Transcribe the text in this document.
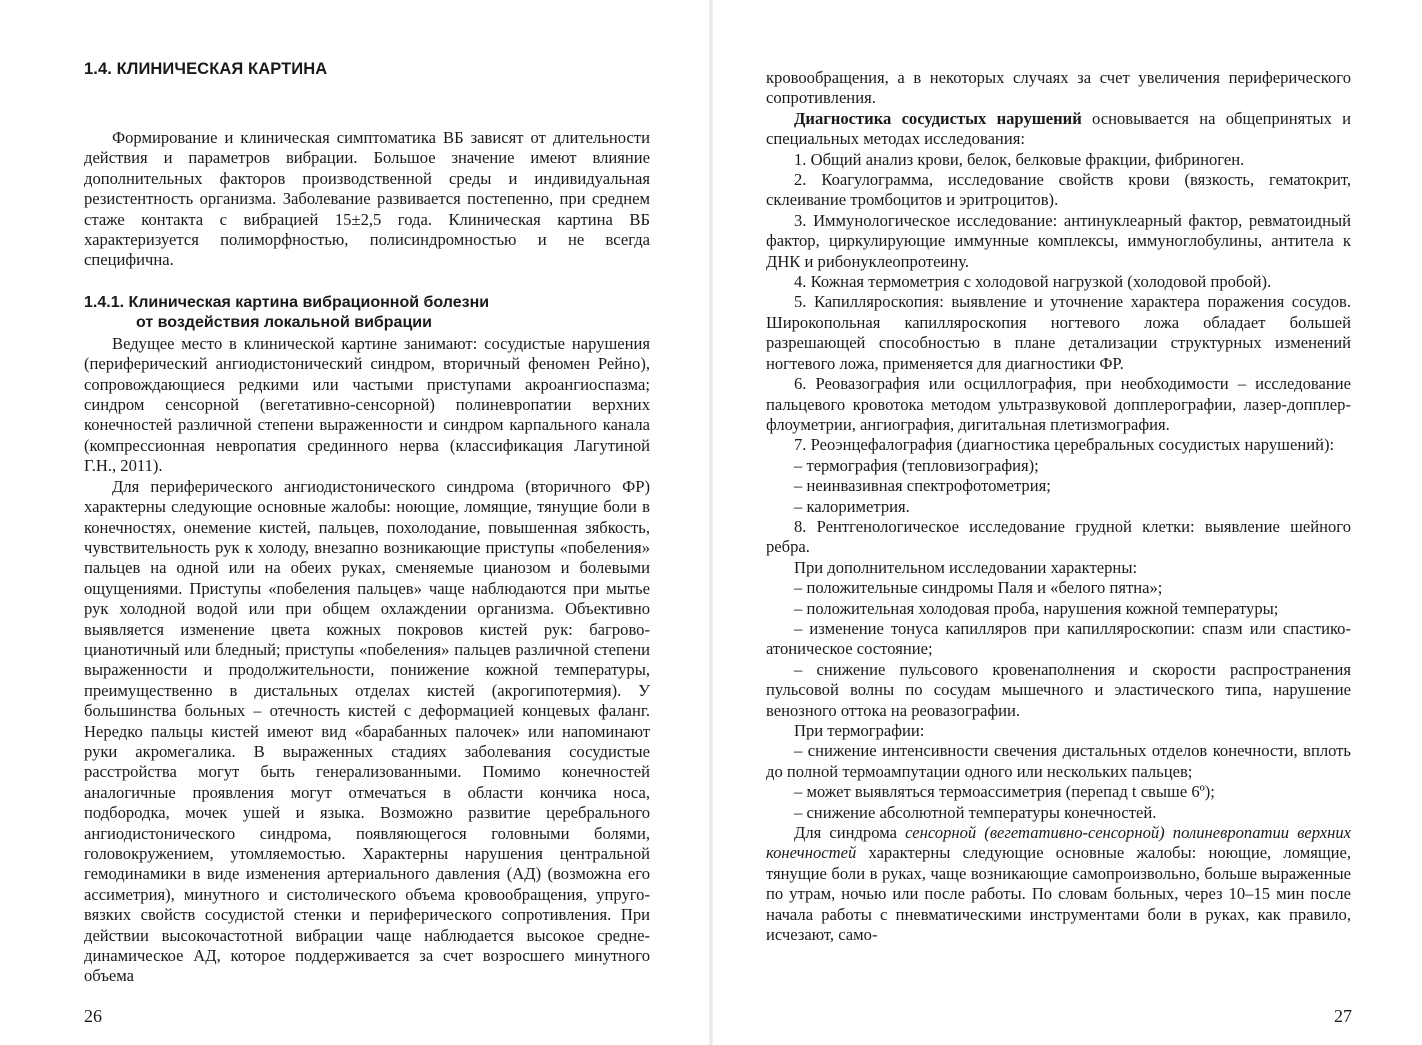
1.4. КЛИНИЧЕСКАЯ КАРТИНА

Формирование и клиническая симптоматика ВБ зависят от длительности действия и параметров вибрации. Большое значение имеют влияние дополнительных факторов производственной среды и индивидуальная резистентность организма. Заболевание развивается постепенно, при среднем стаже контакта с вибрацией 15±2,5 года. Клиническая картина ВБ характеризуется полиморфностью, полисиндромностью и не всегда специфична.

1.4.1. Клиническая картина вибрационной болезни
от воздействия локальной вибрации

Ведущее место в клинической картине занимают: сосудистые нарушения (периферический ангиодистонический синдром, вторичный феномен Рейно), сопровождающиеся редкими или частыми приступами акроангиоспазма; синдром сенсорной (вегетативно-сенсорной) полиневропатии верхних конечностей различной степени выраженности и синдром карпального канала (компрессионная невропатия срединного нерва (классификация Лагутиной Г.Н., 2011).

Для периферического ангиодистонического синдрома (вторичного ФР) характерны следующие основные жалобы: ноющие, ломящие, тянущие боли в конечностях, онемение кистей, пальцев, похолодание, повышенная зябкость, чувствительность рук к холоду, внезапно возникающие приступы «побеления» пальцев на одной или на обеих руках, сменяемые цианозом и болевыми ощущениями. Приступы «побеления пальцев» чаще наблюдаются при мытье рук холодной водой или при общем охлаждении организма. Объективно выявляется изменение цвета кожных покровов кистей рук: багрово-цианотичный или бледный; приступы «побеления» пальцев различной степени выраженности и продолжительности, понижение кожной температуры, преимущественно в дистальных отделах кистей (акрогипотермия). У большинства больных – отечность кистей с деформацией концевых фаланг. Нередко пальцы кистей имеют вид «барабанных палочек» или напоминают руки акромегалика. В выраженных стадиях заболевания сосудистые расстройства могут быть генерализованными. Помимо конечностей аналогичные проявления могут отмечаться в области кончика носа, подбородка, мочек ушей и языка. Возможно развитие церебрального ангиодистонического синдрома, появляющегося головными болями, головокружением, утомляемостью. Характерны нарушения центральной гемодинамики в виде изменения артериального давления (АД) (возможна его ассиметрия), минутного и систолического объема кровообращения, упруго-вязких свойств сосудистой стенки и периферического сопротивления. При действии высокочастотной вибрации чаще наблюдается высокое средне-динамическое АД, которое поддерживается за счет возросшего минутного объема

26

кровообращения, а в некоторых случаях за счет увеличения периферического сопротивления.

Диагностика сосудистых нарушений основывается на общепринятых и специальных методах исследования:

1. Общий анализ крови, белок, белковые фракции, фибриноген.

2. Коагулограмма, исследование свойств крови (вязкость, гематокрит, склеивание тромбоцитов и эритроцитов).

3. Иммунологическое исследование: антинуклеарный фактор, ревматоидный фактор, циркулирующие иммунные комплексы, иммуноглобулины, антитела к ДНК и рибонуклеопротеину.

4. Кожная термометрия с холодовой нагрузкой (холодовой пробой).

5. Капилляроскопия: выявление и уточнение характера поражения сосудов. Широкопольная капилляроскопия ногтевого ложа обладает большей разрешающей способностью в плане детализации структурных изменений ногтевого ложа, применяется для диагностики ФР.

6. Реовазография или осциллография, при необходимости – исследование пальцевого кровотока методом ультразвуковой допплерографии, лазер-допплер-флоуметрии, ангиография, дигитальная плетизмография.

7. Реоэнцефалография (диагностика церебральных сосудистых нарушений):

– термография (тепловизография);

– неинвазивная спектрофотометрия;

– калориметрия.

8. Рентгенологическое исследование грудной клетки: выявление шейного ребра.

При дополнительном исследовании характерны:

– положительные синдромы Паля и «белого пятна»;

– положительная холодовая проба, нарушения кожной температуры;

– изменение тонуса капилляров при капилляроскопии: спазм или спастико-атоническое состояние;

– снижение пульсового кровенаполнения и скорости распространения пульсовой волны по сосудам мышечного и эластического типа, нарушение венозного оттока на реовазографии.

При термографии:

– снижение интенсивности свечения дистальных отделов конечности, вплоть до полной термоампутации одного или нескольких пальцев;

– может выявляться термоассиметрия (перепад t свыше 6º);

– снижение абсолютной температуры конечностей.

Для синдрома сенсорной (вегетативно-сенсорной) полиневропатии верхних конечностей характерны следующие основные жалобы: ноющие, ломящие, тянущие боли в руках, чаще возникающие самопроизвольно, больше выраженные по утрам, ночью или после работы. По словам больных, через 10–15 мин после начала работы с пневматическими инструментами боли в руках, как правило, исчезают, само-

27
